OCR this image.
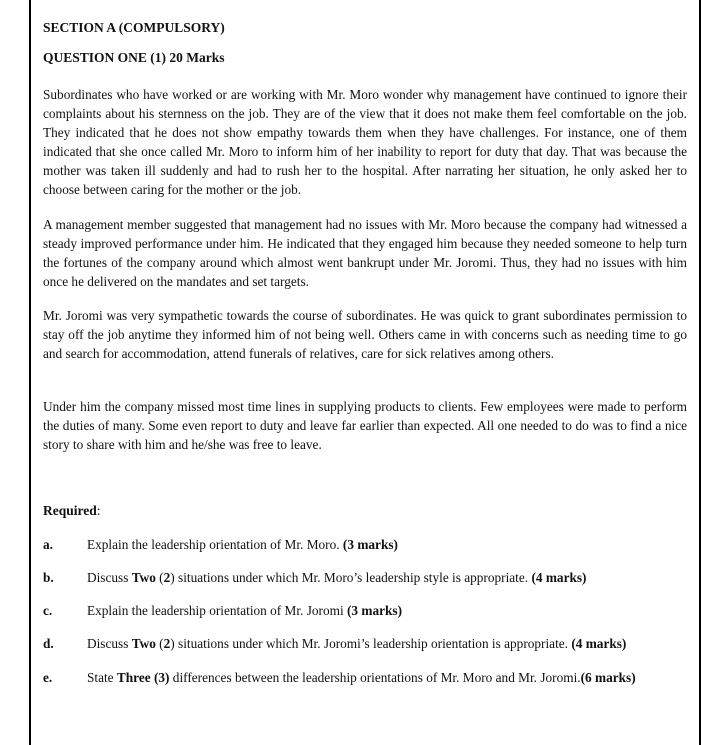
SECTION A (COMPULSORY)
QUESTION ONE (1) 20 Marks
Subordinates who have worked or are working with Mr. Moro wonder why management have continued to ignore their complaints about his sternness on the job. They are of the view that it does not make them feel comfortable on the job. They indicated that he does not show empathy towards them when they have challenges. For instance, one of them indicated that she once called Mr. Moro to inform him of her inability to report for duty that day. That was because the mother was taken ill suddenly and had to rush her to the hospital. After narrating her situation, he only asked her to choose between caring for the mother or the job.
A management member suggested that management had no issues with Mr. Moro because the company had witnessed a steady improved performance under him. He indicated that they engaged him because they needed someone to help turn the fortunes of the company around which almost went bankrupt under Mr. Joromi. Thus, they had no issues with him once he delivered on the mandates and set targets.
Mr. Joromi was very sympathetic towards the course of subordinates. He was quick to grant subordinates permission to stay off the job anytime they informed him of not being well. Others came in with concerns such as needing time to go and search for accommodation, attend funerals of relatives, care for sick relatives among others.
Under him the company missed most time lines in supplying products to clients. Few employees were made to perform the duties of many. Some even report to duty and leave far earlier than expected. All one needed to do was to find a nice story to share with him and he/she was free to leave.
Required:
a.	Explain the leadership orientation of Mr. Moro. (3 marks)
b.	Discuss Two (2) situations under which Mr. Moro’s leadership style is appropriate. (4 marks)
c.	Explain the leadership orientation of Mr. Joromi (3 marks)
d.	Discuss Two (2) situations under which Mr. Joromi’s leadership orientation is appropriate. (4 marks)
e.	State Three (3) differences between the leadership orientations of Mr. Moro and Mr. Joromi.(6 marks)
